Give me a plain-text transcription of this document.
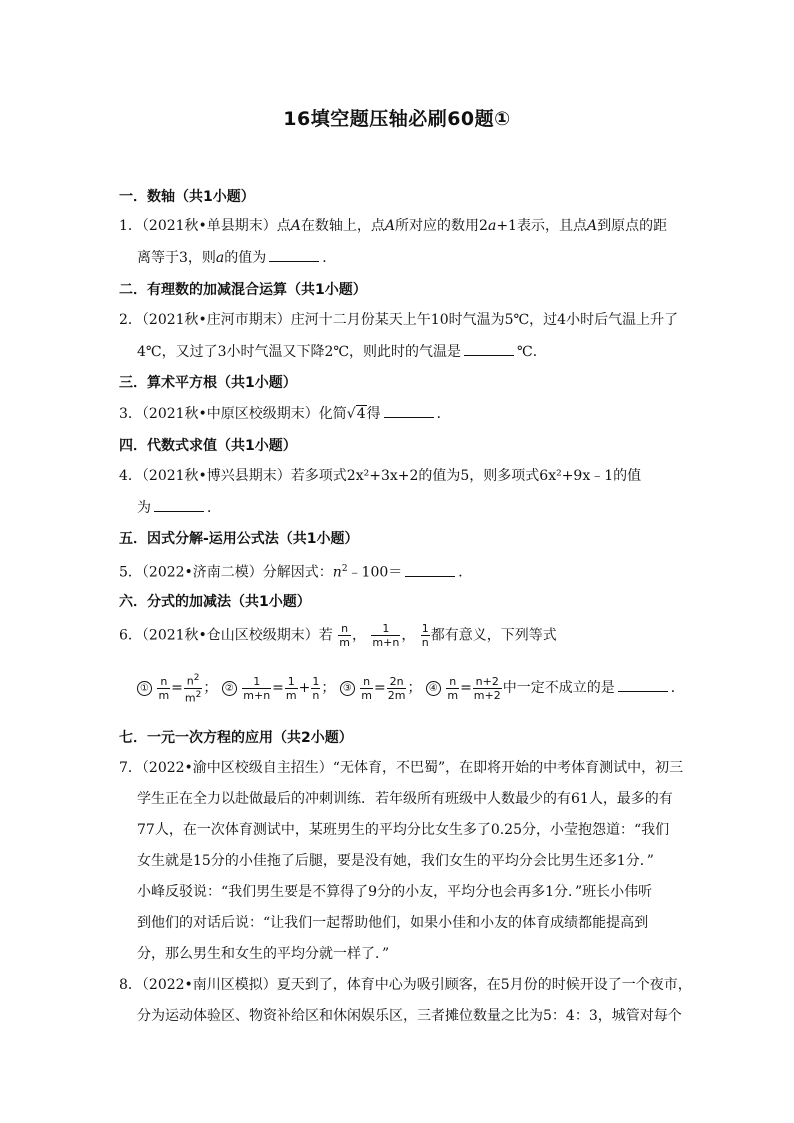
16填空题压轴必刷60题①
一．数轴（共1小题）
1．（2021秋•单县期末）点A在数轴上，点A所对应的数用2a+1表示，且点A到原点的距
离等于3，则a的值为	．
二．有理数的加减混合运算（共1小题）
2．（2021秋•庄河市期末）庄河十二月份某天上午10时气温为5℃，过4小时后气温上升了
4℃，又过了3小时气温又下降2℃，则此时的气温是	℃．
三．算术平方根（共1小题）
3．（2021秋•中原区校级期末）化简√4得	．
四．代数式求值（共1小题）
4．（2021秋•博兴县期末）若多项式2x²+3x+2的值为5，则多项式6x²+9x﹣1的值
为	．
五．因式分解-运用公式法（共1小题）
5．（2022•济南二模）分解因式：$n^2﹣100=$	．
六．分式的加减法（共1小题）
6．（2021秋•仓山区校级期末）若 $\frac{n}{m}$ ， $\frac{1}{m+n}$ ， $\frac{1}{n}$ 都有意义，下列等式
① $\frac{n}{m} = \frac{n^2}{m^2}$ ； ② $\frac{1}{m+n} = \frac{1}{m} + \frac{1}{n}$ ； ③ $\frac{n}{m} = \frac{2n}{2m}$ ； ④ $\frac{n}{m} = \frac{n+2}{m+2}$ 中一定不成立的是	．
七．一元一次方程的应用（共2小题）
7．（2022•渝中区校级自主招生）“无体育，不巴蜀”，在即将开始的中考体育测试中，初三
学生正在全力以赴做最后的冲刺训练．若年级所有班级中人数最少的有61人，最多的有
77人，在一次体育测试中，某班男生的平均分比女生多了0.25分，小莹抱怨道：“我们
女生就是15分的小佳拖了后腿，要是没有她，我们女生的平均分会比男生还多1分．”
小峰反驳说：“我们男生要是不算得了9分的小友，平均分也会再多1分．”班长小伟听
到他们的对话后说：“让我们一起帮助他们，如果小佳和小友的体育成绩都能提高到
分，那么男生和女生的平均分就一样了．”
8．（2022•南川区模拟）夏天到了，体育中心为吸引顾客，在5月份的时候开设了一个夜市，
分为运动体验区、物资补给区和休闲娱乐区，三者摊位数量之比为5：4：3，城管对每个
